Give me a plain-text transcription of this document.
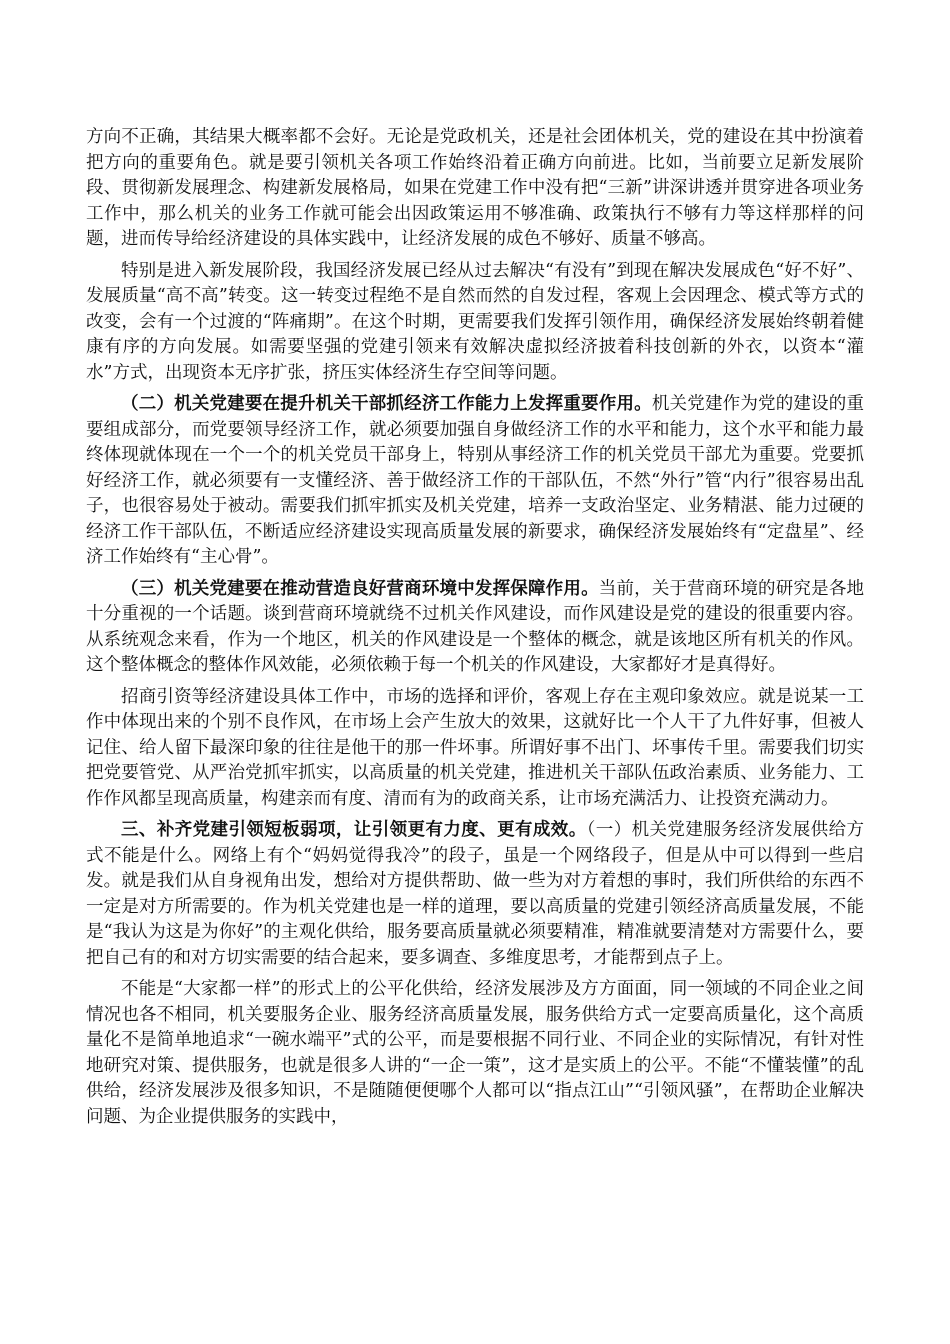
方向不正确，其结果大概率都不会好。无论是党政机关，还是社会团体机关，党的建设在其中扮演着把方向的重要角色。就是要引领机关各项工作始终沿着正确方向前进。比如，当前要立足新发展阶段、贯彻新发展理念、构建新发展格局，如果在党建工作中没有把“三新”讲深讲透并贯穿进各项业务工作中，那么机关的业务工作就可能会出因政策运用不够准确、政策执行不够有力等这样那样的问题，进而传导给经济建设的具体实践中，让经济发展的成色不够好、质量不够高。

特别是进入新发展阶段，我国经济发展已经从过去解决“有没有”到现在解决发展成色“好不好”、发展质量“高不高”转变。这一转变过程绝不是自然而然的自发过程，客观上会因理念、模式等方式的改变，会有一个过渡的“阵痛期”。在这个时期，更需要我们发挥引领作用，确保经济发展始终朝着健康有序的方向发展。如需要坚强的党建引领来有效解决虚拟经济披着科技创新的外衣，以资本“灌水”方式，出现资本无序扩张，挤压实体经济生存空间等问题。

（二）机关党建要在提升机关干部抓经济工作能力上发挥重要作用。机关党建作为党的建设的重要组成部分，而党要领导经济工作，就必须要加强自身做经济工作的水平和能力，这个水平和能力最终体现就体现在一个一个的机关党员干部身上，特别从事经济工作的机关党员干部尤为重要。党要抓好经济工作，就必须要有一支懂经济、善于做经济工作的干部队伍，不然“外行”管“内行”很容易出乱子，也很容易处于被动。需要我们抓牢抓实及机关党建，培养一支政治坚定、业务精湛、能力过硬的经济工作干部队伍，不断适应经济建设实现高质量发展的新要求，确保经济发展始终有“定盘星”、经济工作始终有“主心骨”。

（三）机关党建要在推动营造良好营商环境中发挥保障作用。当前，关于营商环境的研究是各地十分重视的一个话题。谈到营商环境就绕不过机关作风建设，而作风建设是党的建设的很重要内容。从系统观念来看，作为一个地区，机关的作风建设是一个整体的概念，就是该地区所有机关的作风。这个整体概念的整体作风效能，必须依赖于每一个机关的作风建设，大家都好才是真得好。

招商引资等经济建设具体工作中，市场的选择和评价，客观上存在主观印象效应。就是说某一工作中体现出来的个别不良作风，在市场上会产生放大的效果，这就好比一个人干了九件好事，但被人记住、给人留下最深印象的往往是他干的那一件坏事。所谓好事不出门、坏事传千里。需要我们切实把党要管党、从严治党抓牢抓实，以高质量的机关党建，推进机关干部队伍政治素质、业务能力、工作作风都呈现高质量，构建亲而有度、清而有为的政商关系，让市场充满活力、让投资充满动力。

三、补齐党建引领短板弱项，让引领更有力度、更有成效。（一）机关党建服务经济发展供给方式不能是什么。网络上有个“妈妈觉得我冷”的段子，虽是一个网络段子，但是从中可以得到一些启发。就是我们从自身视角出发，想给对方提供帮助、做一些为对方着想的事时，我们所供给的东西不一定是对方所需要的。作为机关党建也是一样的道理，要以高质量的党建引领经济高质量发展，不能是“我认为这是为你好”的主观化供给，服务要高质量就必须要精准，精准就要清楚对方需要什么，要把自己有的和对方切实需要的结合起来，要多调查、多维度思考，才能帮到点子上。

不能是“大家都一样”的形式上的公平化供给，经济发展涉及方方面面，同一领域的不同企业之间情况也各不相同，机关要服务企业、服务经济高质量发展，服务供给方式一定要高质量化，这个高质量化不是简单地追求“一碗水端平”式的公平，而是要根据不同行业、不同企业的实际情况，有针对性地研究对策、提供服务，也就是很多人讲的“一企一策”，这才是实质上的公平。不能“不懂装懂”的乱供给，经济发展涉及很多知识，不是随随便便哪个人都可以“指点江山”“引领风骚”，在帮助企业解决问题、为企业提供服务的实践中，
